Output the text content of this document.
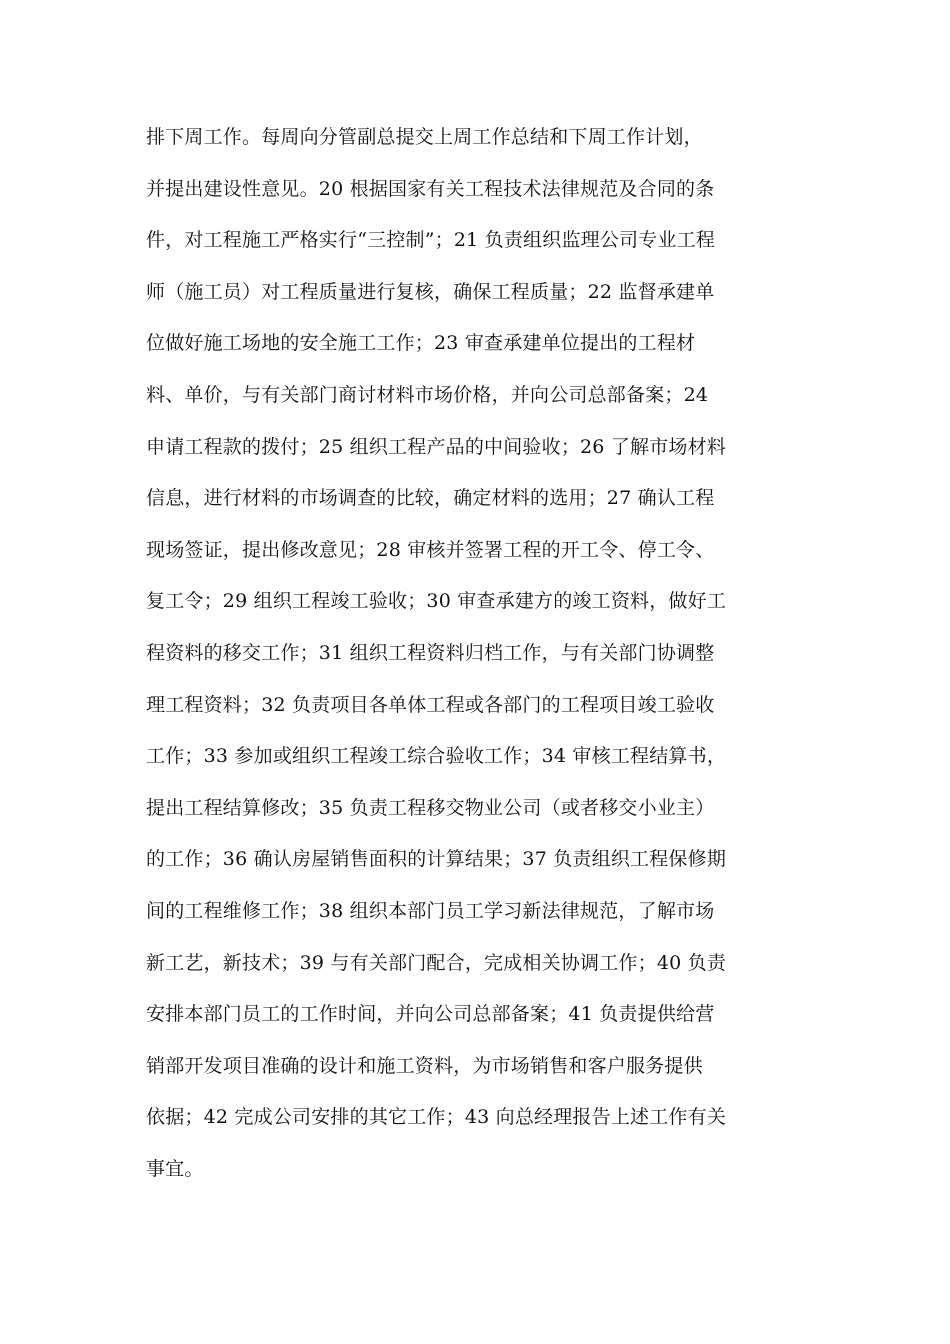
排下周工作。每周向分管副总提交上周工作总结和下周工作计划，
并提出建设性意见。20 根据国家有关工程技术法律规范及合同的条
件，对工程施工严格实行“三控制”；21 负责组织监理公司专业工程
师（施工员）对工程质量进行复核，确保工程质量；22 监督承建单
位做好施工场地的安全施工工作；23 审查承建单位提出的工程材
料、单价，与有关部门商讨材料市场价格，并向公司总部备案；24
申请工程款的拨付；25 组织工程产品的中间验收；26 了解市场材料
信息，进行材料的市场调查的比较，确定材料的选用；27 确认工程
现场签证，提出修改意见；28 审核并签署工程的开工令、停工令、
复工令；29 组织工程竣工验收；30 审查承建方的竣工资料，做好工
程资料的移交工作；31 组织工程资料归档工作，与有关部门协调整
理工程资料；32 负责项目各单体工程或各部门的工程项目竣工验收
工作；33 参加或组织工程竣工综合验收工作；34 审核工程结算书，
提出工程结算修改；35 负责工程移交物业公司（或者移交小业主）
的工作；36 确认房屋销售面积的计算结果；37 负责组织工程保修期
间的工程维修工作；38 组织本部门员工学习新法律规范，了解市场
新工艺，新技术；39 与有关部门配合，完成相关协调工作；40 负责
安排本部门员工的工作时间，并向公司总部备案；41 负责提供给营
销部开发项目准确的设计和施工资料，为市场销售和客户服务提供
依据；42 完成公司安排的其它工作；43 向总经理报告上述工作有关
事宜。
